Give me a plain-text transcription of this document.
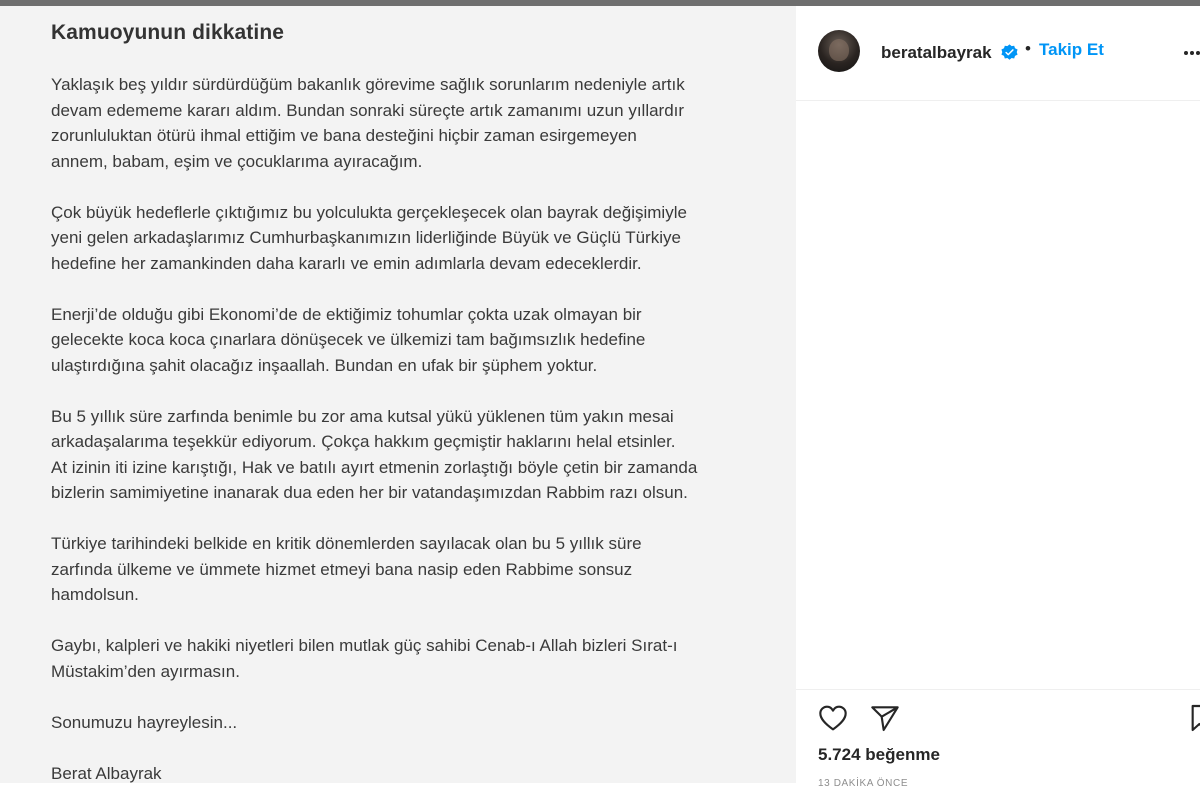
Kamuoyunun dikkatine

Yaklaşık beş yıldır sürdürdüğüm bakanlık görevime sağlık sorunlarım nedeniyle artık
devam edememe kararı aldım. Bundan sonraki süreçte artık zamanımı uzun yıllardır
zorunluluktan ötürü ihmal ettiğim ve bana desteğini hiçbir zaman esirgemeyen
annem, babam, eşim ve çocuklarıma ayıracağım.

Çok büyük hedeflerle çıktığımız bu yolculukta gerçekleşecek olan bayrak değişimiyle
yeni gelen arkadaşlarımız Cumhurbaşkanımızın liderliğinde Büyük ve Güçlü Türkiye
hedefine her zamankinden daha kararlı ve emin adımlarla devam edeceklerdir.

Enerji’de olduğu gibi Ekonomi’de de ektiğimiz tohumlar çokta uzak olmayan bir
gelecekte koca koca çınarlara dönüşecek ve ülkemizi tam bağımsızlık hedefine
ulaştırdığına şahit olacağız inşaallah. Bundan en ufak bir şüphem yoktur.

Bu 5 yıllık süre zarfında benimle bu zor ama kutsal yükü yüklenen tüm yakın mesai
arkadaşalarıma teşekkür ediyorum. Çokça hakkım geçmiştir haklarını helal etsinler.
At izinin iti izine karıştığı, Hak ve batılı ayırt etmenin zorlaştığı böyle çetin bir zamanda
bizlerin samimiyetine inanarak dua eden her bir vatandaşımızdan Rabbim razı olsun.

Türkiye tarihindeki belkide en kritik dönemlerden sayılacak olan bu 5 yıllık süre
zarfında ülkeme ve ümmete hizmet etmeyi bana nasip eden Rabbime sonsuz
hamdolsun.

Gaybı, kalpleri ve hakiki niyetleri bilen mutlak güç sahibi Cenab-ı Allah bizleri Sırat-ı
Müstakim’den ayırmasın.

Sonumuzu hayreylesin...

Berat Albayrak

beratalbayrak • Takip Et
5.724 beğenme
13 DAKİKA ÖNCE
